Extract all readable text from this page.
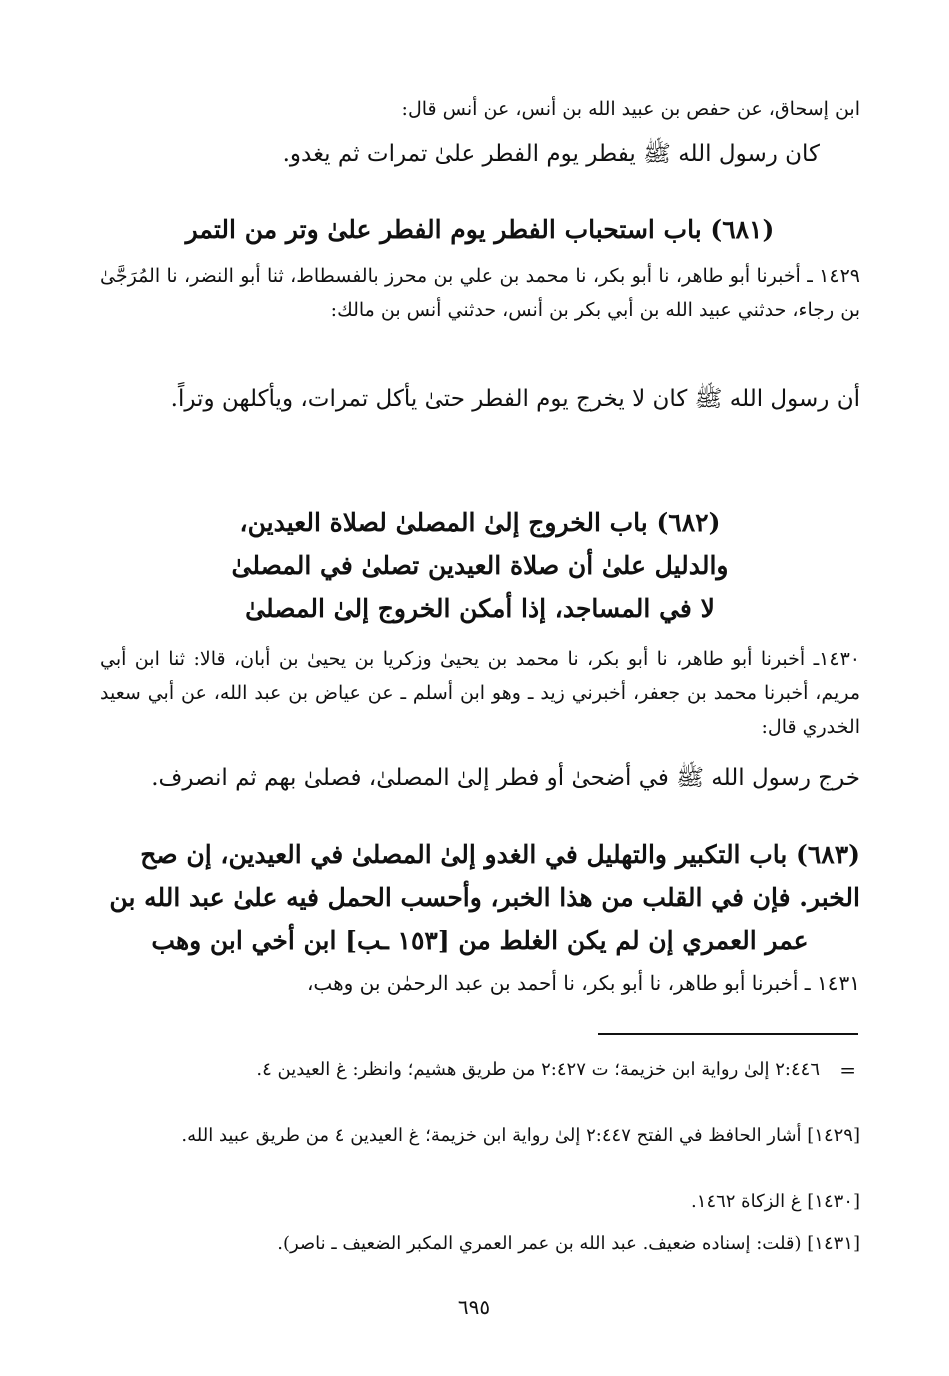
ابن إسحاق، عن حفص بن عبيد الله بن أنس، عن أنس قال:
كان رسول الله ﷺ يفطر يوم الفطر علىٰ تمرات ثم يغدو.
(٦٨١) باب استحباب الفطر يوم الفطر علىٰ وتر من التمر
١٤٢٩ ـ أخبرنا أبو طاهر، نا أبو بكر، نا محمد بن علي بن محرز بالفسطاط، ثنا أبو النضر، نا المُرَجَّىٰ بن رجاء، حدثني عبيد الله بن أبي بكر بن أنس، حدثني أنس بن مالك:
أن رسول الله ﷺ كان لا يخرج يوم الفطر حتىٰ يأكل تمرات، ويأكلهن وتراً.
(٦٨٢) باب الخروج إلىٰ المصلىٰ لصلاة العيدين،
والدليل علىٰ أن صلاة العيدين تصلىٰ في المصلىٰ
لا في المساجد، إذا أمكن الخروج إلىٰ المصلىٰ
١٤٣٠ـ أخبرنا أبو طاهر، نا أبو بكر، نا محمد بن يحيىٰ وزكريا بن يحيىٰ بن أبان، قالا: ثنا ابن أبي مريم، أخبرنا محمد بن جعفر، أخبرني زيد ـ وهو ابن أسلم ـ عن عياض بن عبد الله، عن أبي سعيد الخدري قال:
خرج رسول الله ﷺ في أضحىٰ أو فطر إلىٰ المصلىٰ، فصلىٰ بهم ثم انصرف.
(٦٨٣) باب التكبير والتهليل في الغدو إلىٰ المصلىٰ في العيدين، إن صح
الخبر. فإن في القلب من هذا الخبر، وأحسب الحمل فيه علىٰ عبد الله بن
عمر العمري إن لم يكن الغلط من [١٥٣ ـب] ابن أخي ابن وهب
١٤٣١ ـ أخبرنا أبو طاهر، نا أبو بكر، نا أحمد بن عبد الرحمٰن بن وهب،
=
٢:٤٤٦ إلىٰ رواية ابن خزيمة؛ ت ٢:٤٢٧ من طريق هشيم؛ وانظر: غ العيدين ٤.
[١٤٢٩] أشار الحافظ في الفتح ٢:٤٤٧ إلىٰ رواية ابن خزيمة؛ غ العيدين ٤ من طريق عبيد الله.
[١٤٣٠] غ الزكاة ١٤٦٢.
[١٤٣١] (قلت: إسناده ضعيف. عبد الله بن عمر العمري المكبر الضعيف ـ ناصر).
٦٩٥
